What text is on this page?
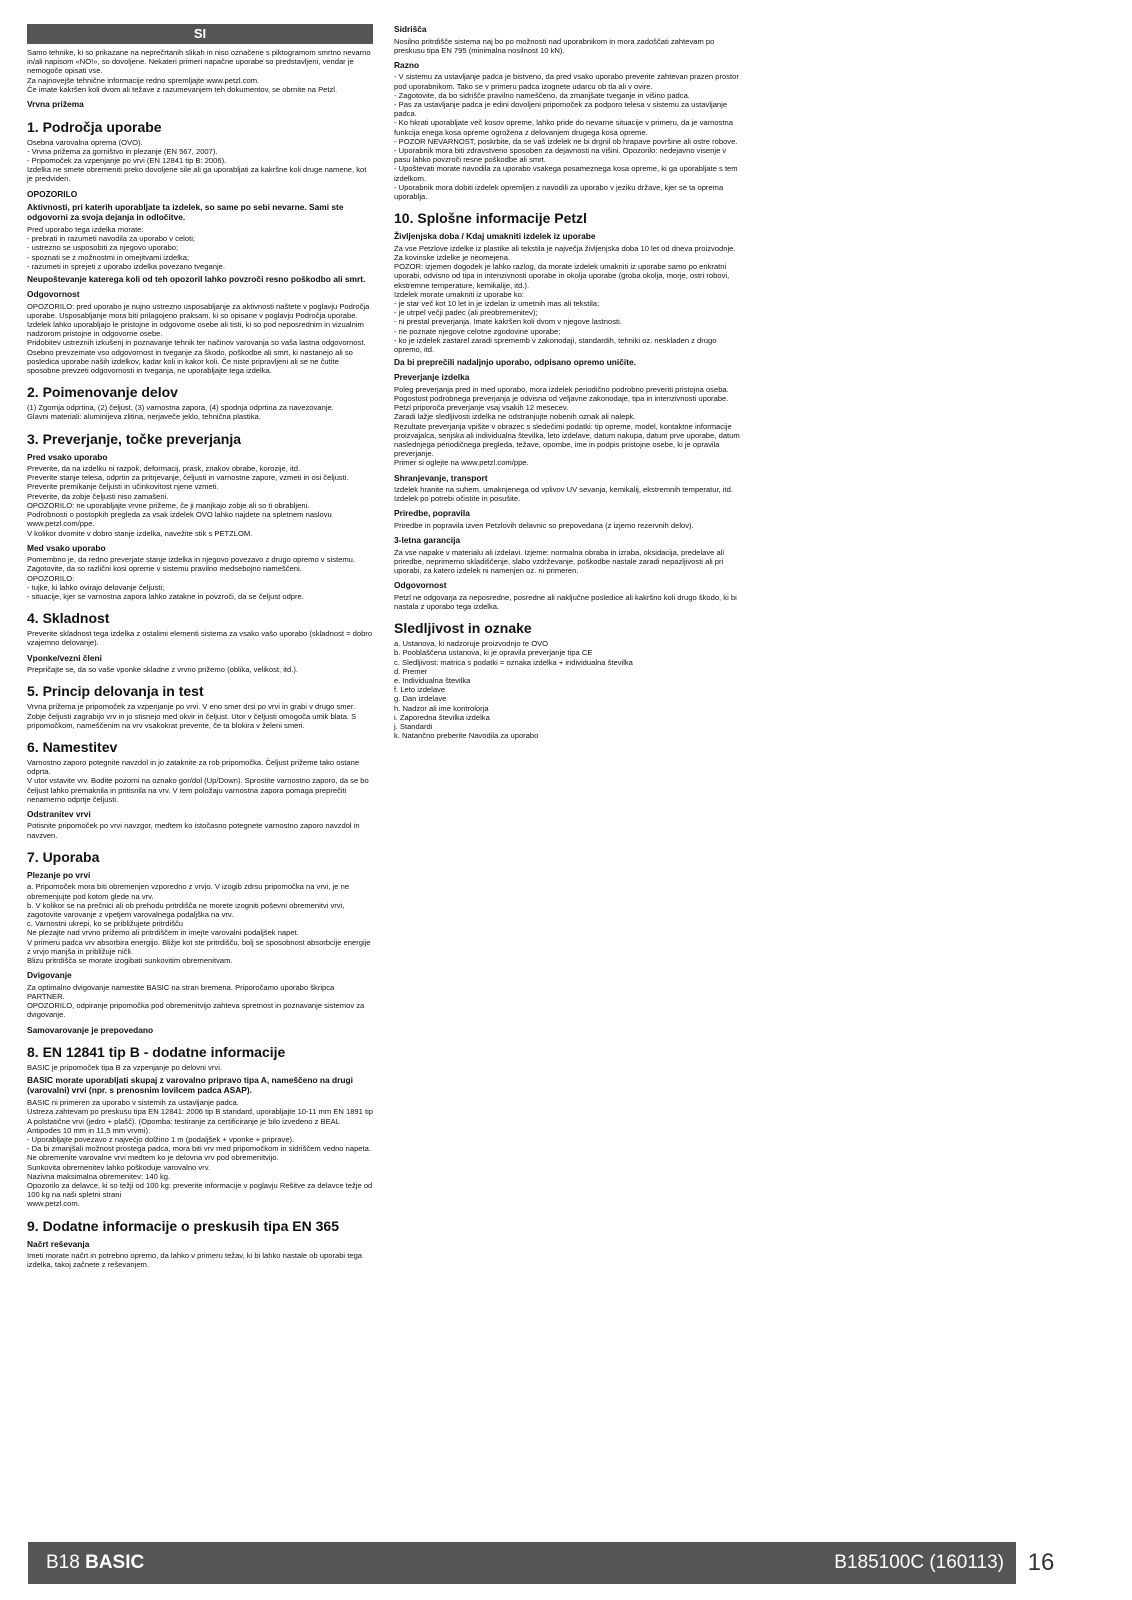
SI
Samo tehnike, ki so prikazane na neprečrtanih slikah in niso označene s piktogramom smrtno nevarno in/ali napisom «NO!», so dovoljene. Nekateri primeri napačne uporabe so predstavljeni, vendar je nemogoče opisati vse.
Za najnovejše tehnične informacije redno spremljajte www.petzl.com.
Če imate kakršen koli dvom ali težave z razumevanjem teh dokumentov, se obrnite na Petzl.
Vrvna prižema
1. Področja uporabe
Osebna varovalna oprema (OVO).
- Vrvna prižema za gorništvo in plezanje (EN 567, 2007).
- Pripomoček za vzpenjanje po vrvi (EN 12841 tip B: 2006).
Izdelka ne smete obremeniti preko dovoljene sile ali ga uporabljati za kakršne koli druge namene, kot je predviden.
OPOZORILO
Aktivnosti, pri katerih uporabljate ta izdelek, so same po sebi nevarne. Sami ste odgovorni za svoja dejanja in odločitve.
Pred uporabo tega izdelka morate:
- prebrati in razumeti navodila za uporabo v celoti;
- ustrezno se usposobiti za njegovo uporabo;
- spoznati se z možnostmi in omejitvami izdelka;
- razumeti in sprejeti z uporabo izdelka povezano tveganje.
Neupoštevanje katerega koli od teh opozoril lahko povzroči resno poškodbo ali smrt.
Odgovornost
OPOZORILO: pred uporabo je nujno ustrezno usposabljanje za aktivnosti naštete v poglavju Področja uporabe. Usposabljanje mora biti prilagojeno praksam, ki so opisane v poglavju Področja uporabe.
Izdelek lahko uporabljajo le pristojne in odgovorne osebe ali tisti, ki so pod neposrednim in vizualnim nadzorom pristojne in odgovorne osebe.
Pridobitev ustreznih izkušenj in poznavanje tehnik ter načinov varovanja so vaša lastna odgovornost.
Osebno prevzemate vso odgovornost in tveganje za škodo, poškodbe ali smrt, ki nastanejo ali so posledica uporabe naših izdelkov, kadar koli in kakor koli. Če niste pripravljeni ali se ne čutite sposobne prevzeti odgovornosti in tveganja, ne uporabljajte tega izdelka.
2. Poimenovanje delov
(1) Zgornja odprtina, (2) čeljust, (3) varnostna zapora, (4) spodnja odprtina za navezovanje.
Glavni materiali: aluminijeva zlitina, nerjaveče jeklo, tehnična plastika.
3. Preverjanje, točke preverjanja
Pred vsako uporabo
Preverite, da na izdelku ni razpok, deformacij, prask, znakov obrabe, korozije, itd.
Preverite stanje telesa, odprtin za pritrjevanje, čeljusti in varnostne zapore, vzmeti in osi čeljusti.
Preverite premikanje čeljusti in učinkovitost njene vzmeti.
Preverite, da zobje čeljusti niso zamašeni.
OPOZORILO: ne uporabljajte vrvne prižeme, če ji manjkajo zobje ali so ti obrabljeni.
Podrobnosti o postopkih pregleda za vsak izdelek OVO lahko najdete na spletnem naslovu www.petzl.com/ppe.
V kolikor dvomite v dobro stanje izdelka, navežite stik s PETZLOM.
Med vsako uporabo
Pomembno je, da redno preverjate stanje izdelka in njegovo povezavo z drugo opremo v sistemu. Zagotovite, da so različni kosi opreme v sistemu pravilno medsebojno nameščeni.
OPOZORILO:
- tujke, ki lahko ovirajo delovanje čeljusti;
- situacije, kjer se varnostna zapora lahko zatakne in povzroči, da se čeljust odpre.
4. Skladnost
Preverite skladnost tega izdelka z ostalimi elementi sistema za vsako vašo uporabo (skladnost = dobro vzajemno delovanje).
Vponke/vezni členi
Prepričajte se, da so vaše vponke skladne z vrvno prižemo (oblika, velikost, itd.).
5. Princip delovanja in test
Vrvna prižema je pripomoček za vzpenjanje po vrvi. V eno smer drsi po vrvi in grabi v drugo smer.
Zobje čeljusti zagrabijo vrv in jo stisnejo med okvir in čeljust. Utor v čeljusti omogoča umik blata. S pripomočkom, nameščenim na vrv vsakokrat preverite, če ta blokira v želeni smeri.
6. Namestitev
Varnostno zaporo potegnite navzdol in jo zataknite za rob pripomočka. Čeljust prižeme tako ostane odprta.
V utor vstavite vrv. Bodite pozorni na oznako gor/dol (Up/Down). Sprostite varnostno zaporo, da se bo čeljust lahko premaknila in pritisnila na vrv. V tem položaju varnostna zapora pomaga preprečiti nenamerno odprtje čeljusti.
Odstranitev vrvi
Potisnite pripomoček po vrvi navzgor, medtem ko istočasno potegnete varnostno zaporo navzdol in navzven.
7. Uporaba
Plezanje po vrvi
a. Pripomoček mora biti obremenjen vzporedno z vrvjo. V izogib zdrsu pripomočka na vrvi, je ne obremenjujte pod kotom glede na vrv.
b. V kolikor se na prečnici ali ob prehodu pritrdišča ne morete izogniti poševni obremenitvi vrvi, zagotovite varovanje z vpetjem varovalnega podaljška na vrv.
c. Varnostni ukrepi, ko se približujete pritrdišču
Ne plezajte nad vrvno prižemo ali pritrdiščem in imejte varovalni podaljšek napet.
V primeru padca vrv absorbira energijo. Bližje kot ste pritrdišču, bolj se sposobnost absorbcije energije z vrvjo manjša in približuje ničli.
Blizu pritrdišča se morate izogibati sunkovitim obremenitvam.
Dvigovanje
Za optimalno dvigovanje namestite BASIC na stran bremena. Priporočamo uporabo škripca PARTNER.
OPOZORILO, odpiranje pripomočka pod obremenitvijo zahteva spretnost in poznavanje sistemov za dvigovanje.
Samovarovanje je prepovedano
8. EN 12841 tip B - dodatne informacije
BASIC je pripomoček tipa B za vzpenjanje po delovni vrvi.
BASIC morate uporabljati skupaj z varovalno pripravo tipa A, nameščeno na drugi (varovalni) vrvi (npr. s prenosnim lovilcem padca ASAP).
BASIC ni primeren za uporabo v sistemih za ustavljanje padca.
Ustreza zahtevam po preskusu tipa EN 12841: 2006 tip B standard, uporabljajte 10-11 mm EN 1891 tip A polstatične vrvi (jedro + plašč). (Opomba: testiranje za certificiranje je bilo izvedeno z BEAL Antipodes 10 mm in 11,5 mm vrvmi).
- Uporabljajte povezavo z največjo dolžino 1 m (podaljšek + vponke + priprave).
- Da bi zmanjšali možnost prostega padca, mora biti vrv med pripomočkom in sidriščem vedno napeta.
Ne obremenite varovalne vrvi medtem ko je delovna vrv pod obremenitvijo.
Sunkovita obremenitev lahko poškoduje varovalno vrv.
Nazivna maksimalna obremenitev: 140 kg.
Opozorilo za delavce, ki so težji od 100 kg: preverite informacije v poglavju Rešitve za delavce težje od 100 kg na naši spletni strani
www.petzl.com.
9. Dodatne informacije o preskusih tipa EN 365
Načrt reševanja
Imeti morate načrt in potrebno opremo, da lahko v primeru težav, ki bi lahko nastale ob uporabi tega izdelka, takoj začnete z reševanjem.
Sidrišča
Nosilno pritrdišče sistema naj bo po možnosti nad uporabnikom in mora zadoščati zahtevam po preskusu tipa EN 795 (minimalna nosilnost 10 kN).
Razno
- V sistemu za ustavljanje padca je bistveno, da pred vsako uporabo preverite zahtevan prazen prostor pod uporabnikom. Tako se v primeru padca izognete udarcu ob tla ali v ovire.
- Zagotovite, da bo sidrišče pravilno nameščeno, da zmanjšate tveganje in višino padca.
- Pas za ustavljanje padca je edini dovoljeni pripomoček za podporo telesa v sistemu za ustavljanje padca.
- Ko hkrati uporabljate več kosov opreme, lahko pride do nevarne situacije v primeru, da je varnostna funkcija enega kosa opreme ogrožena z delovanjem drugega kosa opreme.
- POZOR NEVARNOST, poskrbite, da se vaš izdelek ne bi drgnil ob hrapave površine ali ostre robove.
- Uporabnik mora biti zdravstveno sposoben za dejavnosti na višini. Opozorilo: nedejavno visenje v pasu lahko povzroči resne poškodbe ali smrt.
- Upoštevati morate navodila za uporabo vsakega posameznega kosa opreme, ki ga uporabljate s tem izdelkom.
- Uporabnik mora dobiti izdelek opremljen z navodili za uporabo v jeziku države, kjer se ta oprema uporablja.
10. Splošne informacije Petzl
Življenjska doba / Kdaj umakniti izdelek iz uporabe
Za vse Petzlove izdelke iz plastike ali tekstila je največja življenjska doba 10 let od dneva proizvodnje. Za kovinske izdelke je neomejena.
POZOR: izjemen dogodek je lahko razlog, da morate izdelek umakniti iz uporabe samo po enkratni uporabi, odvisno od tipa in intenzivnosti uporabe in okolja uporabe (groba okolja, morje, ostri robovi, ekstremne temperature, kemikalije, itd.).
Izdelek morate umakniti iz uporabe ko:
- je star več kot 10 let in je izdelan iz umetnih mas ali tekstila;
- je utrpel večji padec (ali preobremenitev);
- ni prestal preverjanja. Imate kakršen koli dvom v njegove lastnosti.
- ne poznate njegove celotne zgodovine uporabe;
- ko je izdelek zastarel zaradi sprememb v zakonodaji, standardih, tehniki oz. neskladen z drugo opremo, itd.
Da bi preprečili nadaljnjo uporabo, odpisano opremo uničite.
Preverjanje izdelka
Poleg preverjanja pred in med uporabo, mora izdelek periodično podrobno preveriti pristojna oseba. Pogostost podrobnega preverjanja je odvisna od veljavne zakonodaje, tipa in intenzivnosti uporabe. Petzl priporoča preverjanje vsaj vsakih 12 mesecev.
Zaradi lažje sledljivosti izdelka ne odstranjujte nobenih oznak ali nalepk.
Rezultate preverjanja vpišite v obrazec s sledečimi podatki: tip opreme, model, kontaktne informacije proizvajalca, serijska ali individualna številka, leto izdelave, datum nakupa, datum prve uporabe, datum naslednjega periodičnega pregleda, težave, opombe, ime in podpis pristojne osebe, ki je opravila preverjanje.
Primer si oglejte na www.petzl.com/ppe.
Shranjevanje, transport
Izdelek hranite na suhem, umaknjenega od vplivov UV sevanja, kemikalij, ekstremnih temperatur, itd. Izdelek po potrebi očistite in posušite.
Priredbe, popravila
Priredbe in popravila izven Petzlovih delavnic so prepovedana (z izjemo rezervnih delov).
3-letna garancija
Za vse napake v materialu ali izdelavi. Izjeme: normalna obraba in izraba, oksidacija, predelave ali priredbe, neprimerno skladiščenje, slabo vzdrževanje, poškodbe nastale zaradi nepazljivosti ali pri uporabi, za katero izdelek ni namenjen oz. ni primeren.
Odgovornost
Petzl ne odgovarja za neposredne, posredne ali naključne posledice ali kakršno koli drugo škodo, ki bi nastala z uporabo tega izdelka.
Sledljivost in oznake
a. Ustanova, ki nadzoruje proizvodnjo te OVO
b. Pooblaščena ustanova, ki je opravila preverjanje tipa CE
c. Sledljivost: matrica s podatki = oznaka izdelka + individualna številka
d. Premer
e. Individualna številka
f. Leto izdelave
g. Dan izdelave
h. Nadzor ali ime kontrolorja
i. Zaporedna številka izdelka
j. Standardi
k. Natančno preberite Navodila za uporabo
B18 BASIC	B185100C (160113) 16
